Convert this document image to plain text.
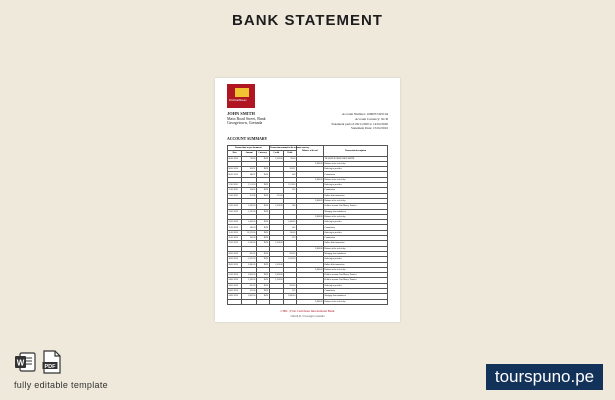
BANK STATEMENT
FirstCaribbean
JOHN SMITH
Main Road Street, Bank
Georgetown, Grenada
Account Number: 1000057425104
Account Currency: XCD
Statement period: 06/1/2020 to 14/02/2020
Statement Date: 15/02/2022
ACCOUNT SUMMARY
Transactions as per document			Transaction amount in the account currency		Balance at th end	Transaction description
Date	Amount	Currency	Credit	Debit		
06.01.2020	99.00	XCD	1,000.00	99.00		TRANSFER FROM JOHN SMITH
					9,888.00	Balance at the end of day
06.01.2020	181.21	XCD		181.21		Ordering to provider
06.01.2020	149.07	XCD		1.49		Commission
					9,888.00	Balance at the end of day
11.01.2020	3,311.00	XCD		3,311.00		Ordering to provider
11.01.2020	124.00	XCD		1.24		Commission
11.01.2020	231.08	XCD	231.08			Online debit transaction
					9,888.00	Balance at the end of day
13.01.2020	1,500.00	XCD	1,500.00	1.06		Debit to account. Fast Money Transfer
13.01.2020	1,125.00	XCD				Mortgage loan instalment
					9,888.00	Balance at the end of day
15.01.2020	1,441.00	XCD		1,441.00		Ordering to provider
15.01.2020	143.00	XCD		1.43		Commission
15.01.2020	15,070.00	XCD		150.00		Ordering to provider
15.01.2020	150.00	XCD		1.50		Commission
15.01.2020	1,500.00	XCD	1,500.00			Online debit transaction
					9,888.00	Balance at the end of day
18.01.2020	205.03	XCD		205.03		Mortgage loan instalment
18.01.2020	1,202.00	XCD		1,202.00		Ordering to provider
18.01.2020	2,000.00	XCD	1,000.00			Online debit transaction
					9,888.00	Balance at the end of day
21.01.2020	2,900.00	XCD	2,900.00			Debit to account. Fast Money Transfer
24.01.2020	1,350.00	XCD	1,350.00			Debit to account. Fast Money Transfer
24.01.2020	205.00	XCD		205.00		Ordering to provider
24.01.2020	152.00	XCD		1.52		Commission
24.01.2020	1,600.00	XCD		1,600.00		Mortgage loan instalment
					9,888.00	Balance at the end of day
CIBC | First Caribbean International Bank
Church St. St George's, Grenada
W	PDF
fully editable template	tourspuno.pe
